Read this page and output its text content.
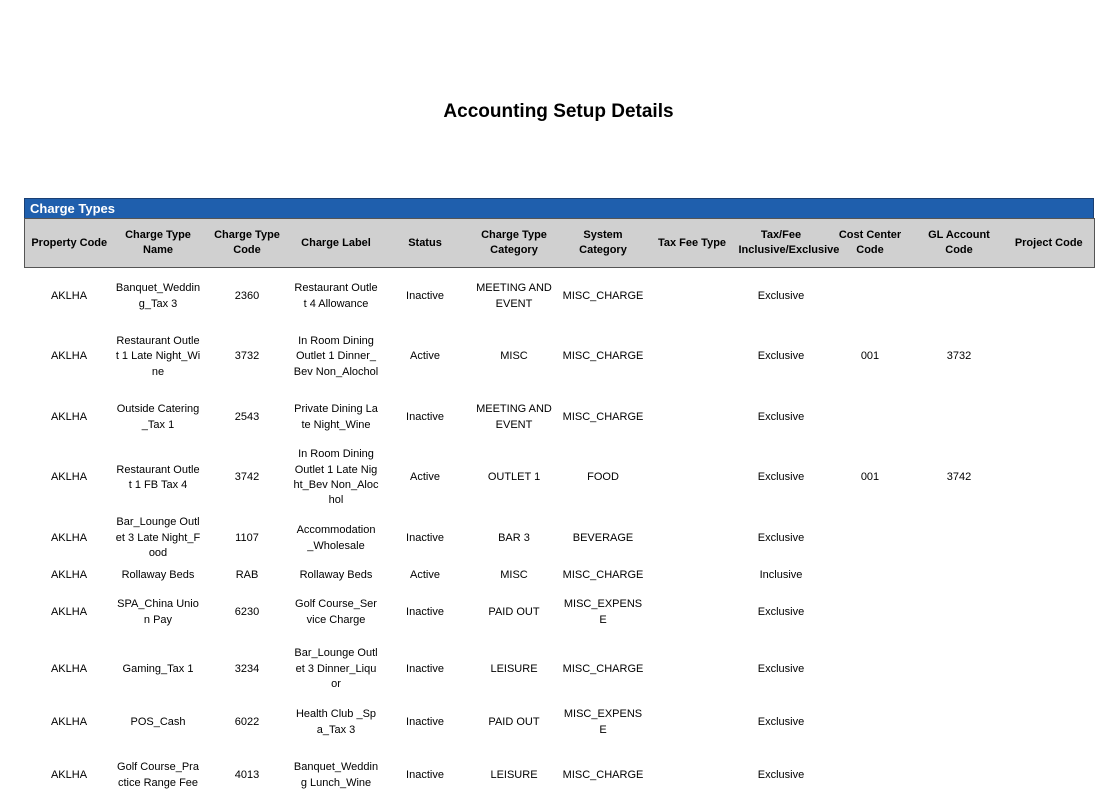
Accounting Setup Details
Charge Types
Property Code	Charge Type Name	Charge Type Code	Charge Label	Status	Charge Type Category	System Category	Tax Fee Type	Tax/Fee Inclusive/Exclusive	Cost Center Code	GL Account Code	Project Code
AKLHA	Banquet_Wedding_Tax 3	2360	Restaurant Outlet 4 Allowance	Inactive	MEETING AND EVENT	MISC_CHARGE		Exclusive			
AKLHA	Restaurant Outlet 1 Late Night_Wine	3732	In Room Dining Outlet 1 Dinner_Bev Non_Alochol	Active	MISC	MISC_CHARGE		Exclusive	001	3732	
AKLHA	Outside Catering_Tax 1	2543	Private Dining Late Night_Wine	Inactive	MEETING AND EVENT	MISC_CHARGE		Exclusive			
AKLHA	Restaurant Outlet 1 FB Tax 4	3742	In Room Dining Outlet 1 Late Night_Bev Non_Alochol	Active	OUTLET 1	FOOD		Exclusive	001	3742	
AKLHA	Bar_Lounge Outlet 3 Late Night_Food	1107	Accommodation _Wholesale	Inactive	BAR 3	BEVERAGE		Exclusive			
AKLHA	Rollaway Beds	RAB	Rollaway Beds	Active	MISC	MISC_CHARGE		Inclusive			
AKLHA	SPA_China Union Pay	6230	Golf Course_Service Charge	Inactive	PAID OUT	MISC_EXPENSE		Exclusive			
AKLHA	Gaming_Tax 1	3234	Bar_Lounge Outlet 3 Dinner_Liquor	Inactive	LEISURE	MISC_CHARGE		Exclusive			
AKLHA	POS_Cash	6022	Health Club _Spa_Tax 3	Inactive	PAID OUT	MISC_EXPENSE		Exclusive			
AKLHA	Golf Course_Practice Range Fee	4013	Banquet_Wedding Lunch_Wine	Inactive	LEISURE	MISC_CHARGE		Exclusive			
